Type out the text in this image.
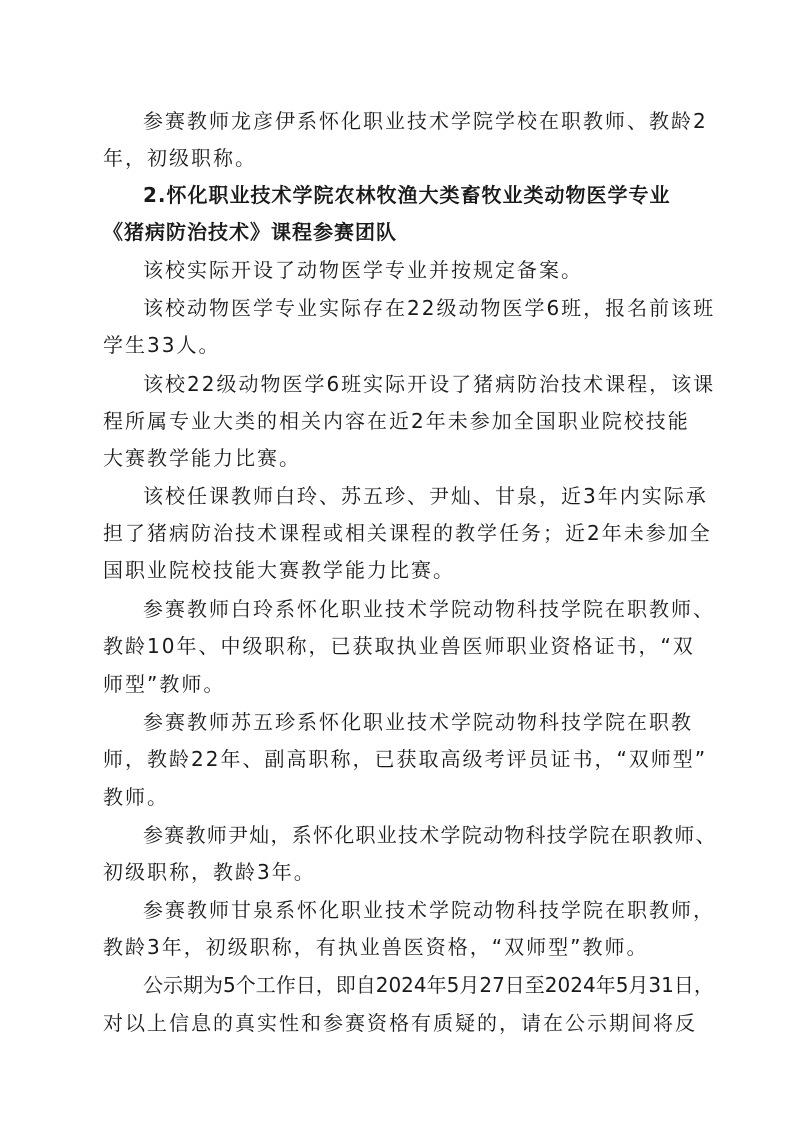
参赛教师龙彦伊系怀化职业技术学院学校在职教师、教龄2
年，初级职称。
2.怀化职业技术学院农林牧渔大类畜牧业类动物医学专业
《猪病防治技术》课程参赛团队
该校实际开设了动物医学专业并按规定备案。
该校动物医学专业实际存在22级动物医学6班，报名前该班
学生33人。
该校22级动物医学6班实际开设了猪病防治技术课程，该课
程所属专业大类的相关内容在近2年未参加全国职业院校技能
大赛教学能力比赛。
该校任课教师白玲、苏五珍、尹灿、甘泉，近3年内实际承
担了猪病防治技术课程或相关课程的教学任务；近2年未参加全
国职业院校技能大赛教学能力比赛。
参赛教师白玲系怀化职业技术学院动物科技学院在职教师、
教龄10年、中级职称，已获取执业兽医师职业资格证书，“双
师型”教师。
参赛教师苏五珍系怀化职业技术学院动物科技学院在职教
师，教龄22年、副高职称，已获取高级考评员证书，“双师型”
教师。
参赛教师尹灿，系怀化职业技术学院动物科技学院在职教师、
初级职称，教龄3年。
参赛教师甘泉系怀化职业技术学院动物科技学院在职教师，
教龄3年，初级职称，有执业兽医资格，“双师型”教师。
公示期为5个工作日，即自2024年5月27日至2024年5月31日，
对以上信息的真实性和参赛资格有质疑的，请在公示期间将反
